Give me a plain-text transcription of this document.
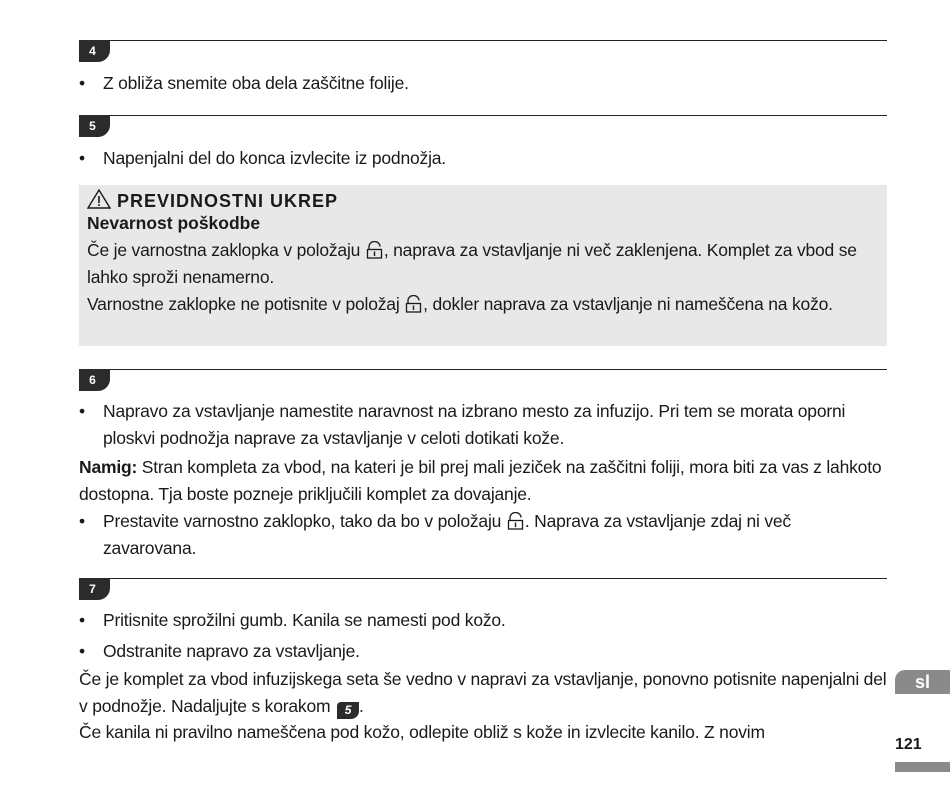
4
• Z obliža snemite oba dela zaščitne folije.
5
• Napenjalni del do konca izvlecite iz podnožja.
PREVIDNOSTNI UKREP
Nevarnost poškodbe
Če je varnostna zaklopka v položaju , naprava za vstavljanje ni več zaklenjena. Komplet za vbod se lahko sproži nenamerno.
Varnostne zaklopke ne potisnite v položaj , dokler naprava za vstavljanje ni nameščena na kožo.
6
• Napravo za vstavljanje namestite naravnost na izbrano mesto za infuzijo. Pri tem se morata oporni ploskvi podnožja naprave za vstavljanje v celoti dotikati kože.
Namig: Stran kompleta za vbod, na kateri je bil prej mali jeziček na zaščitni foliji, mora biti za vas z lahkoto dostopna. Tja boste pozneje priključili komplet za dovajanje.
• Prestavite varnostno zaklopko, tako da bo v položaju . Naprava za vstavljanje zdaj ni več zavarovana.
7
• Pritisnite sprožilni gumb. Kanila se namesti pod kožo.
• Odstranite napravo za vstavljanje.
Če je komplet za vbod infuzijskega seta še vedno v napravi za vstavljanje, ponovno potisnite napenjalni del v podnožje. Nadaljujte s korakom 5 .
Če kanila ni pravilno nameščena pod kožo, odlepite obliž s kože in izvlecite kanilo. Z novim
sl
121
